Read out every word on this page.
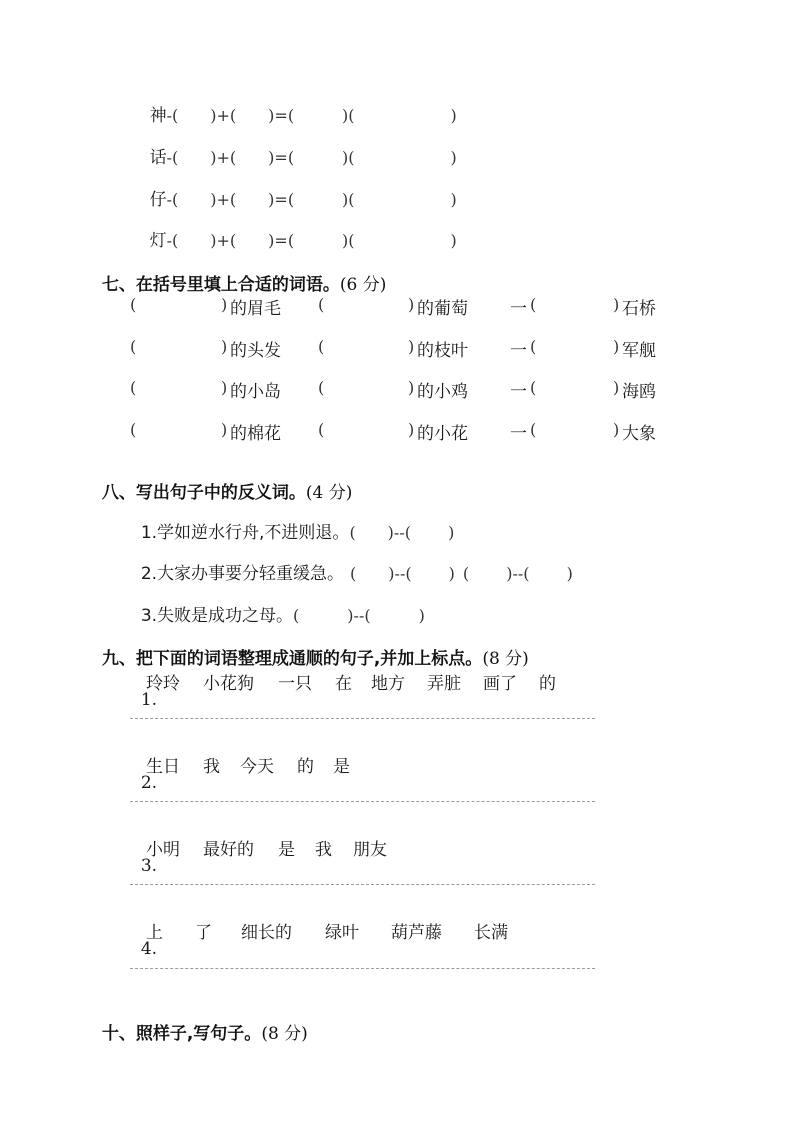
神-(  )+(  )=(   )(      )

话-(  )+(  )=(   )(      )

仔-(  )+(  )=(   )(      )

灯-(  )+(  )=(   )(      )

七、在括号里填上合适的词语。(6 分)

(	) 的眉毛 (	) 的葡萄 一 (	) 石桥
(	) 的头发 (	) 的枝叶 一 (	) 军舰
(	) 的小岛 (	) 的小鸡 一 (	) 海鸥
(	) 的棉花 (	) 的小花 一 (	) 大象

八、写出句子中的反义词。(4 分)

1.学如逆水行舟,不进则退。(  )--(   )

2.大家办事要分轻重缓急。 (  )--(   ) (   )--(   )

3.失败是成功之母。(   )--(   )

九、把下面的词语整理成通顺的句子,并加上标点。(8 分)

1.

玲玲 小花狗 一只 在 地方 弄脏 画了 的

2.

生日 我 今天 的 是

3.

小明 最好的 是 我 朋友

4.

上 了 细长的 绿叶 葫芦藤 长满

十、照样子,写句子。(8 分)
